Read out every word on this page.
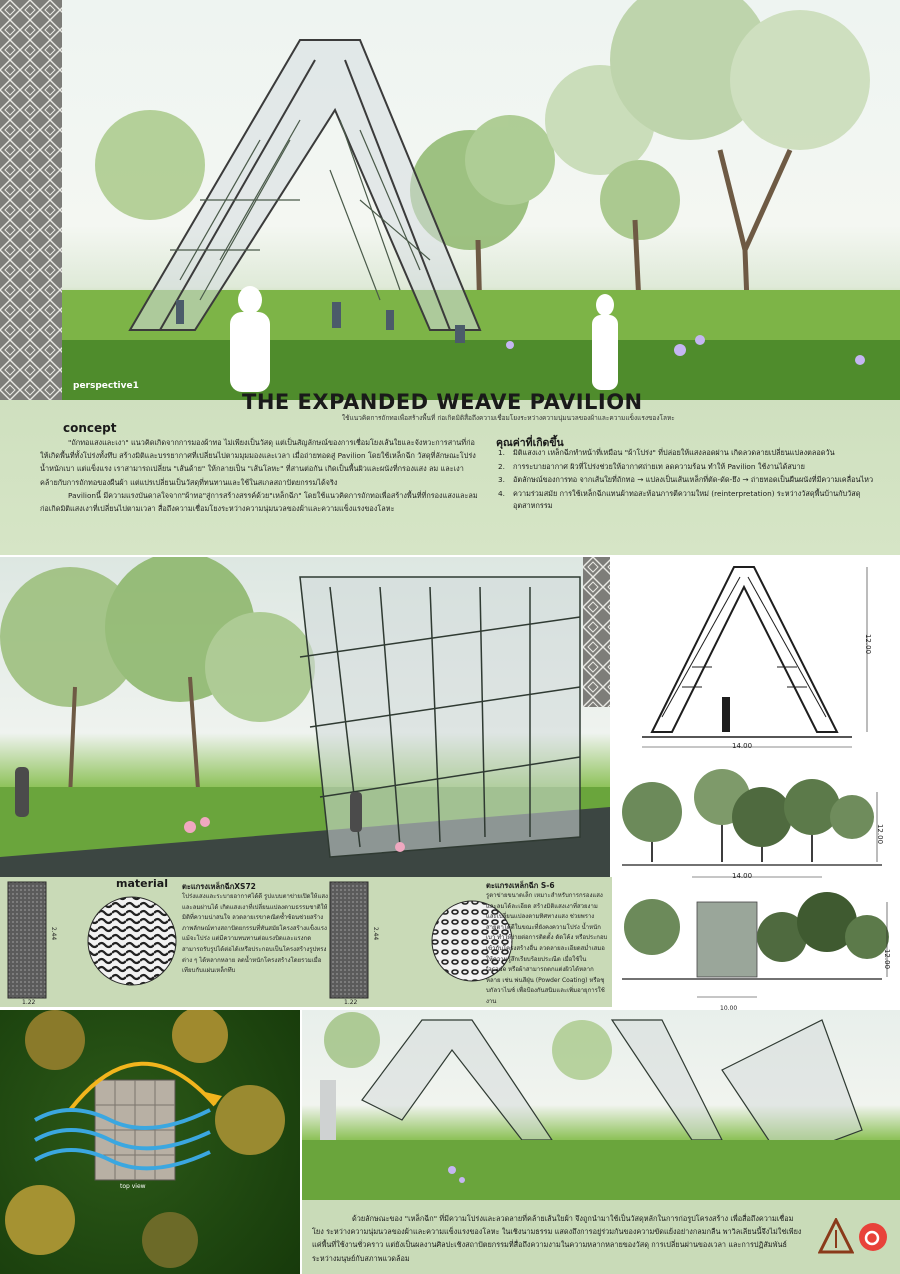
perspective1
THE EXPANDED WEAVE PAVILION
ใช้แนวคิดการถักทอเพื่อสร้างพื้นที่ ก่อเกิดมิติสื่อถึงความเชื่อมโยงระหว่างความนุ่มนวลของผ้าและความแข็งแรงของโลหะ
concept

"ถักทอแสงและเงา" แนวคิดเกิดจากการมองผ้าทอ ไม่เพียงเป็นวัสดุ แต่เป็นสัญลักษณ์ของการเชื่อมโยงเส้นใยและจังหวะการสานที่ก่อให้เกิดพื้นที่ทั้งโปร่งทั้งทึบ สร้างมิติและบรรยากาศที่เปลี่ยนไปตามมุมมองและเวลา เมื่อถ่ายทอดสู่ Pavilion โดยใช้เหล็กฉีก วัสดุที่ลักษณะโปร่ง น้ำหนักเบา แต่แข็งแรง เราสามารถเปลี่ยน "เส้นด้าย" ให้กลายเป็น "เส้นโลหะ" ที่สานต่อกัน เกิดเป็นพื้นผิวและผนังที่กรองแสง ลม และเงา คล้ายกับการถักทอของผืนผ้า แต่แปรเปลี่ยนเป็นวัสดุที่ทนทานและใช้ในสเกลสถาปัตยกรรมได้จริง

Pavilionนี้ มีความแรงบันดาลใจจาก"ผ้าทอ"สู่การสร้างสรรค์ด้วย"เหล็กฉีก" โดยใช้แนวคิดการถักทอเพื่อสร้างพื้นที่ที่กรองแสงและลม ก่อเกิดมิติแสงเงาที่เปลี่ยนไปตามเวลา สื่อถึงความเชื่อมโยงระหว่างความนุ่มนวลของผ้าและความแข็งแรงของโลหะ

คุณค่าที่เกิดขึ้น
1.	มิติแสงเงา เหล็กฉีกทำหน้าที่เหมือน "ผ้าโปร่ง" ที่ปล่อยให้แสงลอดผ่าน เกิดลวดลายเปลี่ยนแปลงตลอดวัน
2.	การระบายอากาศ ผิวที่โปร่งช่วยให้อากาศถ่ายเท ลดความร้อน ทำให้ Pavilion ใช้งานได้สบาย
3.	อัตลักษณ์ของการทอ จากเส้นใยที่ถักทอ → แปลงเป็นเส้นเหล็กที่ตัด-ดัด-ยึง → ถ่ายทอดเป็นผืนผนังที่มีความเคลื่อนไหว
4.	ความร่วมสมัย การใช้เหล็กฉีกแทนผ้าทอสะท้อนการตีความใหม่ (reinterpretation) ระหว่างวัสดุพื้นบ้านกับวัสดุอุตสาหกรรม
12.00
14.00
12.00
14.00
12.00
10.00
material ตะแกรงเหล็กฉีกXS72
โปร่งแสงและระบายอากาศได้ดี รูปแบบตาข่ายเปิดให้แสงและลมผ่านได้ เกิดแสงเงาที่เปลี่ยนแปลงตามธรรมชาติให้มิติที่ความน่าสนใจ ลวดลายเรขาคณิตซ้ำซ้อนช่วยสร้างภาพลักษณ์ทางสถาปัตยกรรมที่ทันสมัยโครงสร้างแข็งแรง แม้จะโปร่ง แต่มีความทนทานต่อแรงบิดและแรงกด สามารถรับรูปได้ต่อได้เหรือประกอบเป็นโครงสร้างรูปทรงต่าง ๆ ได้หลากหลาย ลดน้ำหนักโครงสร้างโดยรวมเมื่อเทียบกับแผ่นเหล็กทึบ
2.44
1.22
ตะแกรงเหล็กฉีก S-6
รูตาข่ายขนาดเล็ก เหมาะสำหรับการกรองแสงและลมได้ละเอียด สร้างมิติแสงเงาที่สวยงามและเปลี่ยนแปลงตามทิศทางแสง ช่วยพรางสายตาได้ดีในขณะที่ยังคงความโปร่ง น้ำหนักเบา ทำให้ง่ายต่อการติดตั้ง ดัดโค้ง หรือประกอบเข้ากับโครงสร้างอื่น ลวดลายละเอียดสม่ำเสมอ ให้ความรู้สึกเรียบร้อยประณีต เมื่อใช้ใน facade หรือผ้าสามารถตกแต่งผิวได้หลากหลาย เช่น พ่นสีฝุ่น (Powder Coating) หรือชุบกัลวาไนซ์ เพื่อป้องกันสนิมและเพิ่มอายุการใช้งาน
2.44
1.22
top view

ด้วยลักษณะของ "เหล็กฉีก" ที่มีความโปร่งและลวดลายที่คล้ายเส้นใยผ้า จึงถูกนำมาใช้เป็นวัสดุหลักในการก่อรูปโครงสร้าง เพื่อสื่อถึงความเชื่อมโยง ระหว่างความนุ่มนวลของผ้าและความแข็งแรงของโลหะ ในเชิงนามธรรม แสดงถึงการอยู่ร่วมกันของความขัดแย้งอย่างกลมกลืน พาวิลเลียนนี้จึงไม่ใช่เพียงแค่พื้นที่ใช้งานชั่วคราว แต่ยังเป็นผลงานศิลปะเชิงสถาปัตยกรรมที่สื่อถึงความงามในความหลากหลายของวัสดุ การเปลี่ยนผ่านของเวลา และการปฏิสัมพันธ์ระหว่างมนุษย์กับสภาพแวดล้อม
